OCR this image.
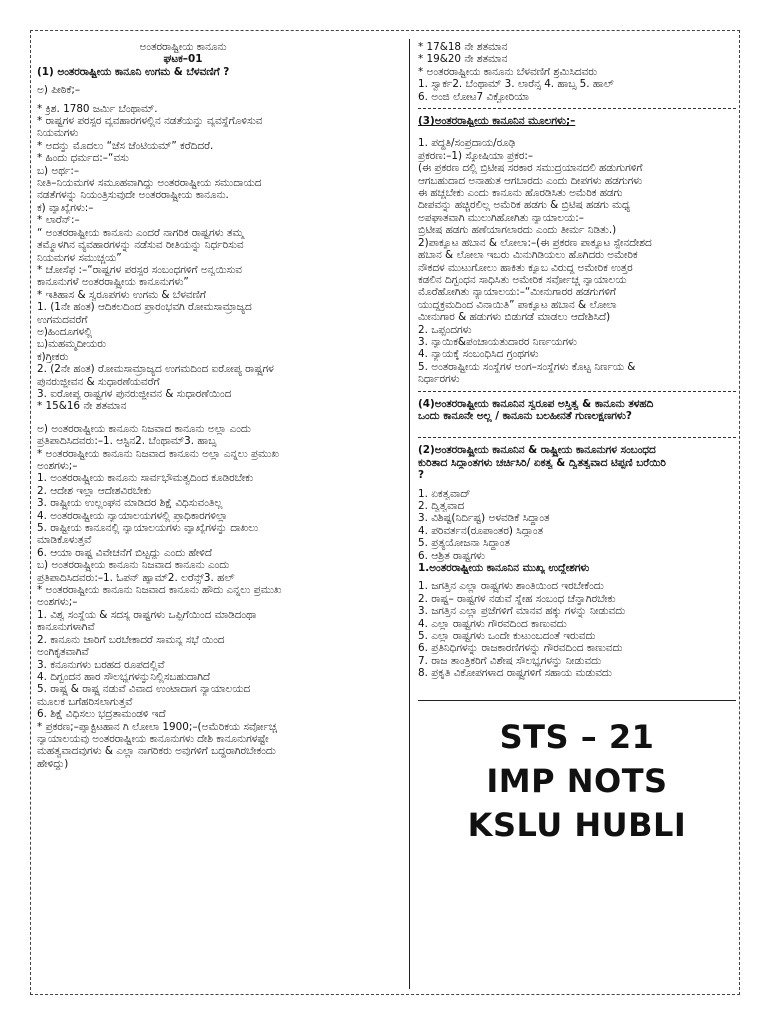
ಅಂತರರಾಷ್ಟ್ರೀಯ ಕಾನೂನು
ಘಟಕ–01
(1) ಅಂತರರಾಷ್ಟ್ರೀಯ ಕಾನೂನಿ ಉಗಮ & ಬೆಳವಣಿಗೆ ?
ಅ) ಪೀಠಿಕೆ;–
* ಕ್ರಿಶ. 1780 ಜರ್ಮಿ ಬೆಂಥಾಮ್.
* ರಾಷ್ಟ್ರಗಳ ಪರಸ್ಪರ ವ್ಯವಹಾರಗಳಲ್ಲಿನ ನಡತೆಯನ್ನು ವ್ಯವಸ್ಥೆಗೊಳಿಸುವ
ನಿಯಮಗಳು
* ಅದನ್ನು ಮೊದಲು “ಜೆಸ ಜೆಂಟಿಯಮ್” ಕರೆದಿದರೆ.
* ಹಿಂದು ಧರ್ಮದ:–“ವಸು
ಬ) ಅರ್ಥ:–
ನೀತಿ–ನಿಯಮಗಳ ಸಮೂಹವಾಗಿದ್ದು ಅಂತರರಾಷ್ಟ್ರೀಯ ಸಮುದಾಯದ
ನಡತೆಗಳನ್ನು ನಿಯಂತ್ರಿಸುವುದೇ ಅಂತರರಾಷ್ಟ್ರೀಯ ಕಾನೂನು.
ಕ) ವ್ಯಾಖ್ಯೆಗಳು:–
* ಲಾರೆನ್:–
“ ಅಂತರರಾಷ್ಟ್ರೀಯ ಕಾನೂನು ಎಂದರೆ ನಾಗರಿಕ ರಾಷ್ಟ್ರಗಳು ತಮ್ಮ
ತಮ್ಮೊಳಗಿನ ವ್ಯವಹಾರಗಳನ್ನು ನಡೆಸುವ ರೀತಿಯನ್ನು ನಿರ್ಧರಿಸುವ
ನಿಯಮಗಳ ಸಮುಚ್ಚಯ”
* ಚೋಸೆಫ :–“ರಾಷ್ಟ್ರಗಳ ಪರಸ್ಪರ ಸಂಬಂಧಗಳಿಗೆ ಅನ್ವಯಿಸುವ
ಕಾನೂನುಗಳೆ ಅಂತರರಾಷ್ಟ್ರೀಯ ಕಾನೂನುಗಳು”
* ಇತಿಹಾಸ & ಸ್ವರೂಪಗಳು ಉಗಮ & ಬೆಳವಣಿಗೆ
1. (1ನೇ ಹಂತ) ಆದಿಕಲದಿಂದ ಪ್ರಾರಂಭವಗಿ ರೋಮಸಾಮ್ರಾಜ್ಯದ
ಉಗಮದವರೆಗೆ
ಅ)ಹಿಂದೂಗಳಲ್ಲಿ
ಬ)ಮಹಮ್ಮದೀಯರು
ಕ)ಗ್ರೀಕರು
2. (2ನೇ ಹಂತ) ರೋಮಸಾಮ್ರಾಜ್ಯದ ಉಗಮದಿಂದ ಐರೋಪ್ಯ ರಾಷ್ಟ್ರಗಳ
ಪುನರುಜ್ಜೀವನ & ಸುಧಾರಣೆಯವರೆಗೆ
3. ಐರೋಪ್ಯ ರಾಷ್ಟ್ರಗಳ ಪುನರುಜ್ಜೀವನ & ಸುಧಾರಣೆಯಿಂದ
* 15&16 ನೇ ಶತಮಾನ
ಅ) ಅಂತರರಾಷ್ಟ್ರೀಯ ಕಾನೂನು ನಿಜವಾದ ಕಾನೂನು ಅಲ್ಲಾ ಎಂದು
ಪ್ರತಿಪಾದಿಸಿದವರು:–1. ಆಸ್ಟಿನ2. ಬೆಂಥಾಮ್3. ಹಾಬ್ಸ
* ಅಂತರರಾಷ್ಟ್ರೀಯ ಕಾನೂನು ನಿಜವಾದ ಕಾನೂನು ಅಲ್ಲಾ ಎನ್ನಲು ಪ್ರಮುಖ
ಅಂಶಗಳು;–
1. ಅಂತರರಾಷ್ಟ್ರೀಯ ಕಾನೂನು ಸಾರ್ವಭೌಮತ್ವದಿಂದ ಕೂಡಿರಬೇಕು
2. ಆದೇಶ ಇಲ್ಲಾ ಆದೇಶವಿರಬೇಕು
3. ರಾಷ್ಟ್ರೀಯ ಉಲ್ಲಂಘನ ಮಾಡಿದರ ಶಿಕ್ಷೆ ವಿಧಿಸುವಂತಿಲ್ಲ
4. ಅಂತರರಾಷ್ಟ್ರೀಯ ನ್ಯಾಯಾಲಯಗಳಲ್ಲಿ ಪ್ರಾಧಿಕಾರಗಳಿಲ್ಲಾ
5. ರಾಷ್ಟ್ರೀಯ ಕಾನೂನಲ್ಲಿ ನ್ಯಾಯಾಲಯಗಳು ವ್ಯಾಖ್ಯೆಗಳನ್ನು ದಾಖಲು
ಮಾಡಿಕೊಳುತ್ತವೆ
6. ಆಯಾ ರಾಷ್ಟ್ರ ವಿವೇಚನೆಗೆ ಬಿಟ್ಟದ್ದು ಎಂದು ಹೇಳಿದೆ
ಬ) ಅಂತರರಾಷ್ಟ್ರೀಯ ಕಾನೂನು ನಿಜವಾದ ಕಾನೂನು ಎಂದು
ಪ್ರತಿಪಾದಿಸಿದವರು:–1. ಓಪನ್ ಹ್ಯಾಮ್2. ಲರೆನ್ಸ್3. ಹಲ್
* ಅಂತರರಾಷ್ಟ್ರೀಯ ಕಾನೂನು ನಿಜವಾದ ಕಾನೂನು ಹೌದು ಎನ್ನಲು ಪ್ರಮುಖ
ಅಂಶಗಳು;–
1. ವಿಶ್ವ ಸಂಸ್ಥೆಯ & ಸದಸ್ಯ ರಾಷ್ಟ್ರಗಳು ಒಪ್ಪಿಗೆಯಿಂದ ಮಾಡಿದಂಥಾ
ಕಾನೂನುಗಳಾಗಿವೆ
2. ಕಾನೂನು ಜಾರಿಗೆ ಬರಬೇಕಾದರೆ ಸಾಮನ್ಯ ಸಭೆ ಯಿಂದ
ಅಂಗಿಕೃತವಾಗಿವೆ
3. ಕನೂನುಗಳು ಬರಹದ ರೂಪದಲ್ಲಿವೆ
4. ದಿಗ್ಬಂದನ ಹಾರ ಸೌಲಭ್ಯಗಳನ್ನುನಿಲ್ಲಿಸಬಹುದಾಗಿದೆ
5. ರಾಷ್ಟ್ರ & ರಾಷ್ಟ್ರ ನಡುವೆ ವಿವಾದ ಉಂಟಾದಾಗ ನ್ಯಾಯಾಲಯದ
ಮೂಲಕ ಬಗೆಹರಿಸಲಾಗುತ್ತವೆ
6. ಶಿಕ್ಷೆ ವಿಧಿಸಲು ಭದ್ರತಾಮಂಡಳಿ ಇದೆ
* ಪ್ರಕರಣ;–ಪ್ಯಾಕ್ಟಿಟಹಾನ ಗಿ ಲೋಲಾ 1900;–(ಅಮೆರಿಕಯ ಸರ್ವೋಚ್ಚ
ನ್ಯಾಯಾಲಯವು ಅಂತರರಾಷ್ಟ್ರೀಯ ಕಾನೂನುಗಳು ದೇಶಿ ಕಾನೂನುಗಳಷ್ಟೇ
ಮಹತ್ವವಾದವುಗಳು & ಎಲ್ಲಾ ನಾಗರಿಕರು ಅವುಗಳಿಗೆ ಬದ್ಧರಾಗಿರಬೇಕಂದು
ಹೇಳಿದ್ದು)
* 17&18 ನೇ ಶತಮಾನ
* 19&20 ನೇ ಶತಮಾನ
* ಅಂತರರಾಷ್ಟ್ರೀಯ ಕಾನೂನು ಬೆಳವಣಿಗೆ ಶ್ರಮಿಸಿದವರು
1. ಸ್ವಾರ್ಕ2. ಬೆಂಥಾಮ್ 3. ಲಾರೆನ್ಸ 4. ಹಾಬ್ಸ 5. ಹಾಲ್
6. ಅಂಜಿ ಲೋಟ7 ವಿಕ್ಟೋರಿಯಾ
(3)ಅಂತರರಾಷ್ಟ್ರೀಯ ಕಾನೂನಿನ ಮೂಲಗಳು;–
1. ಪದ್ಧತಿ/ಸಂಪ್ರದಾಯ/ರೂಢಿ
ಪ್ರಕರಣ:–1) ಸ್ಕೋಷಿಯಾ ಪ್ರಕರ:–
(ಈ ಪ್ರಕರಣ ದಲ್ಲಿ ಬ್ರಿಟೀಷ ಸರಕಾರ ಸಮುದ್ರಯಾನದಲಿ ಹಡುಗುಗಳಿಗೆ
ಆಗಬಹುದಾದ ಅನಾಹುತ ಆಗಬಾರದು ಎಂದು ದೀಪಗಳು ಹಡಗುಗಳು
ಈ ಹಚ್ಚಬೇಕು ಎಂದು ಕಾನೂನು ಹೊರಡಿಸಿತು ಅಮೆರಿಕ ಹಡಗು
ದೀಪವನ್ನು ಹಚ್ಚಿರಲಿಲ್ಲ ಅಮೆರಿಕ ಹಡಗು & ಬ್ರಿಟಿಷ ಹಡಗು ಮಧ್ಯ
ಅಪಘಾತವಾಗಿ ಮುಲುಗಿಹೋಗಿತು ನ್ಯಾಯಾಲಯ:–
ಬ್ರಿಟೀಷ ಹಡಗು ಹಣೆಯಾಗಲಾರದು ಎಂದು ತೀರ್ಮ ನಿಡಿತು.)
2)ಪಾಕ್ಯೂಟ ಹಬಾನ & ಲೋಲಾ:–(ಈ ಪ್ರಕರಣ ಪಾಕ್ಯೂಟ ಸ್ಪೇನದೇಶದ
ಹಬಾನ & ಲೋಲಾ ಇಬರು ಮಿನುಗಿಡಿಯಲು ಹೊಗಿದರು ಅಮೇರಿಕ
ನೌಕದಳ ಮುಟುಗೋಲು ಹಾಕಿತು ಕ್ಯೂಬ ವಿರುದ್ಧ ಅಮೇರಿಕ ಉತ್ತರ
ಕಡಲಿನ ದಿಗ್ಬಂಧನ ಸಾಧಿಸಿತು ಅಮೇರಿಕ ಸರ್ವೋಚ್ಚ ನ್ಯಾಯಾಲಯ
ಮೊರೆಹೋಗಿತು ನ್ಯಾಯಾಲಯ:–“ಮೀನುಗಾರರ ಹಡಗುಗಳಿಗೆ
ಯುದ್ಧಕ್ರಮದಿಂದ ವಿನಾಯಿತಿ” ಪಾಕ್ಯೂಟ ಹಬಾನ & ಲೋಲಾ
ಮೀನುಗಾರ & ಹಡುಗಳು ಬಿಡುಗಡೆ ಮಾಡಲು ಆದೇಶಿಸಿದೆ)
2. ಒಪ್ಪಂದಗಳು
3. ನ್ಯಾಯಿಕ&ಪಂಚಾಯತುದಾರರ ನಿರ್ಣಯಗಳು
4. ನ್ಯಾಯಕ್ಕೆ ಸಂಬಂಧಿಸಿದ ಗ್ರಂಥಗಳು
5. ಅಂತರಾಷ್ಟ್ರೀಯ ಸಂಸ್ಥೆಗಳ ಅಂಗ–ಸಂಸ್ಥೆಗಳು ಕೊಟ್ಟ ನಿರ್ಣಯ &
ನಿರ್ಧಾರಗಳು
(4)ಅಂತರರಾಷ್ಟ್ರೀಯ ಕಾನೂನಿನ ಸ್ವರೂಪ ಅಸ್ತಿತ್ವ & ಕಾನೂನು ತಳಹದಿ
ಒಂದು ಕಾನೂನೇ ಅಲ್ಲ / ಕಾನೂನು ಬಲಹೀನತೆ ಗುಣಲಕ್ಷಣಗಳು?
(2)ಅಂತರರಾಷ್ಟ್ರೀಯ ಕಾನೂನಿನ & ರಾಷ್ಟ್ರೀಯ ಕಾನೂನುಗಳ ಸಂಬಂಧದ
ಕುರಿತಾದ ಸಿದ್ಧಾಂತಗಳು ಚರ್ಚಿಸಿರಿ/ ಏಕತ್ವ & ದ್ವಿತತ್ವವಾದ ಟಿಪ್ಪಣಿ ಬರೆಯಿರಿ
?
1. ಏಕತ್ವವಾದ್
2. ದ್ವಿತ್ವವಾದ
3. ವಿಶಿಷ್ಟ(ನಿರ್ದಿಷ್ಟ) ಅಳವಡಿಕೆ ಸಿದ್ಧಾಂತ
4. ಪರಿವರ್ತನ(ರೂಪಾಂತರ) ಸಿದ್ಧಾಂತ
5. ಪ್ರತ್ಯಯೋಜನಾ ಸಿದ್ಧಾಂತ
6. ಆಶ್ರಿತ ರಾಷ್ಟ್ರಗಳು
1.ಅಂತರರಾಷ್ಟ್ರೀಯ ಕಾನೂನಿನ ಮುಖ್ಯ ಉದ್ದೇಶಗಳು
1. ಜಗತ್ತಿನ ಎಲ್ಲಾ ರಾಷ್ಟ್ರಗಳು ಶಾಂತಿಯಿಂದ ಇರಬೇಕೆಂದು
2. ರಾಷ್ಟ್ರ– ರಾಷ್ಟ್ರಗಳ ನಡುವೆ ಸ್ನೇಹ ಸಂಬಂಧ ಚೆನ್ನಾಗಿರಬೇಕು
3. ಜಗತ್ತಿನ ಎಲ್ಲಾ ಪ್ರಜೆಗಳಿಗೆ ಮಾನವ ಹಕ್ಕು ಗಳನ್ನು ನೀಡುವದು
4. ಎಲ್ಲಾ ರಾಷ್ಟ್ರಗಳು ಗೌರವದಿಂದ ಕಾಣುವದು
5. ಎಲ್ಲಾ ರಾಷ್ಟ್ರಗಳು ಒಂದೇ ಕುಟುಂಬದಂತೆ ಇರುವದು
6. ಪ್ರತಿನಿಧಿಗಳನ್ನು ರಾಜಕಾರಣಿಗಳನ್ನು ಗೌರವದಿಂದ ಕಾಣುವದು
7. ರಾಜ ತಾಂತ್ರಿಕರಿಗೆ ವಿಶೇಷ ಸೌಲಭ್ಯಗಳನ್ನು ನೀಡುವದು
8. ಪ್ರಕೃತಿ ವಿಕೋಪಗಳಾದ ರಾಷ್ಟ್ರಗಳಿಗೆ ಸಹಾಯ ಮಡುವದು
STS – 21
IMP NOTS
KSLU HUBLI
